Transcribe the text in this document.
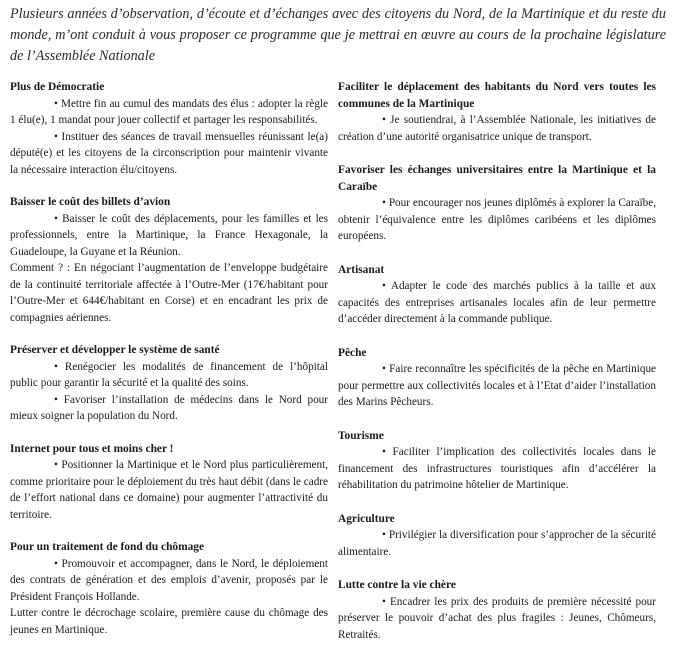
Plusieurs années d’observation, d’écoute et d’échanges avec des citoyens du Nord, de la Martinique et du reste du monde, m’ont conduit à vous proposer ce programme que je mettrai en œuvre au cours de la prochaine législature de l’Assemblée Nationale
Plus de Démocratie
• Mettre fin au cumul des mandats des élus : adopter la règle 1 élu(e), 1 mandat pour jouer collectif et partager les responsabilités.
• Instituer des séances de travail mensuelles réunissant le(a) député(e) et les citoyens de la circonscription pour maintenir vivante la nécessaire interaction élu/citoyens.
Baisser le coût des billets d’avion
• Baisser le coût des déplacements, pour les familles et les professionnels, entre la Martinique, la France Hexagonale, la Guadeloupe, la Guyane et la Réunion.
Comment ? : En négociant l’augmentation de l’enveloppe budgétaire de la continuité territoriale affectée à l’Outre-Mer (17€/habitant pour l’Outre-Mer et 644€/habitant en Corse) et en encadrant les prix de compagnies aériennes.
Préserver et développer le système de santé
• Renégocier les modalités de financement de l’hôpital public pour garantir la sécurité et la qualité des soins.
• Favoriser l’installation de médecins dans le Nord pour mieux soigner la population du Nord.
Internet pour tous et moins cher !
• Positionner la Martinique et le Nord plus particulièrement, comme prioritaire pour le déploiement du très haut débit (dans le cadre de l’effort national dans ce domaine) pour augmenter l’attractivité du territoire.
Pour un traitement de fond du chômage
• Promouvoir et accompagner, dans le Nord, le déploiement des contrats de génération et des emplois d’avenir, proposés par le Président François Hollande.
Lutter contre le décrochage scolaire, première cause du chômage des jeunes en Martinique.
Faciliter le déplacement des habitants du Nord vers toutes les communes de la Martinique
• Je soutiendrai, à l’Assemblée Nationale, les initiatives de création d’une autorité organisatrice unique de transport.
Favoriser les échanges universitaires entre la Martinique et la Caraïbe
• Pour encourager nos jeunes diplômés à explorer la Caraïbe, obtenir l’équivalence entre les diplômes caribéens et les diplômes européens.
Artisanat
• Adapter le code des marchés publics à la taille et aux capacités des entreprises artisanales locales afin de leur permettre d’accéder directement à la commande publique.
Pêche
• Faire reconnaître les spécificités de la pêche en Martinique pour permettre aux collectivités locales et à l’Etat d’aider l’installation des Marins Pêcheurs.
Tourisme
• Faciliter l’implication des collectivités locales dans le financement des infrastructures touristiques afin d’accélérer la réhabilitation du patrimoine hôtelier de Martinique.
Agriculture
• Privilégier la diversification pour s’approcher de la sécurité alimentaire.
Lutte contre la vie chère
• Encadrer les prix des produits de première nécessité pour préserver le pouvoir d’achat des plus fragiles : Jeunes, Chômeurs, Retraités.
